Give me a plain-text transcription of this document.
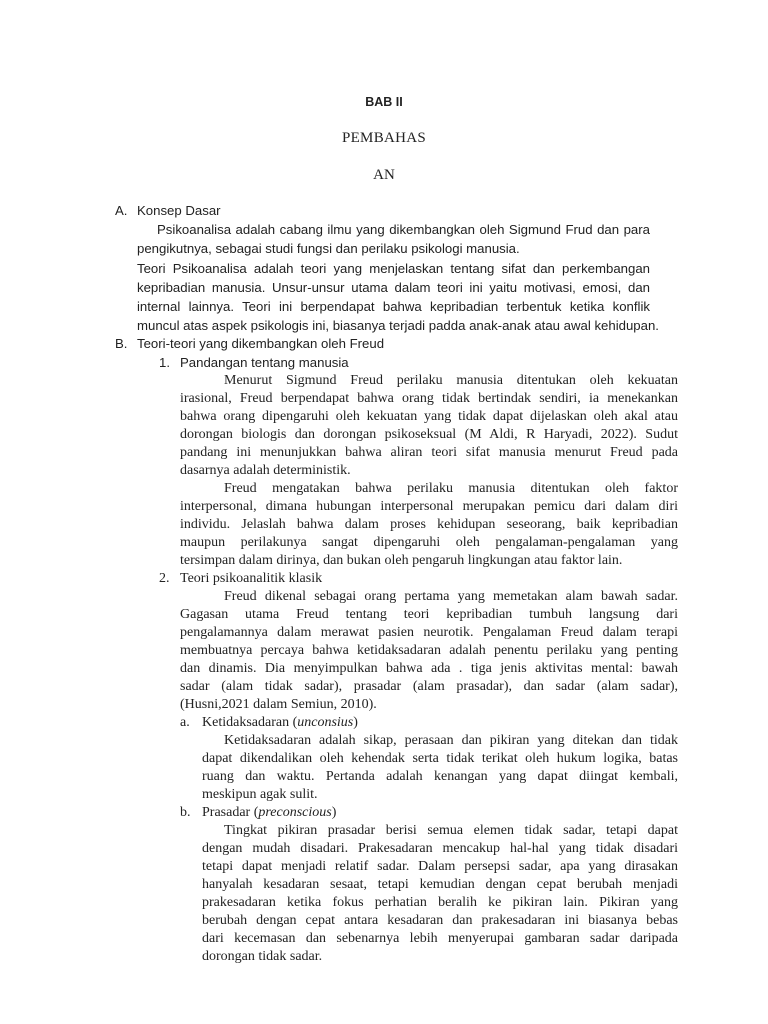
BAB II
PEMBAHAS
AN
A. Konsep Dasar
Psikoanalisa adalah cabang ilmu yang dikembangkan oleh Sigmund Frud dan para
pengikutnya, sebagai studi fungsi dan perilaku psikologi manusia.
Teori Psikoanalisa adalah teori yang menjelaskan tentang sifat dan perkembangan
kepribadian manusia. Unsur-unsur utama dalam teori ini yaitu motivasi, emosi, dan
internal lainnya. Teori ini berpendapat bahwa kepribadian terbentuk ketika konflik
muncul atas aspek psikologis ini, biasanya terjadi padda anak-anak atau awal kehidupan.
B. Teori-teori yang dikembangkan oleh Freud
1. Pandangan tentang manusia
Menurut Sigmund Freud perilaku manusia ditentukan oleh kekuatan
irasional, Freud berpendapat bahwa orang tidak bertindak sendiri, ia menekankan
bahwa orang dipengaruhi oleh kekuatan yang tidak dapat dijelaskan oleh akal atau
dorongan biologis dan dorongan psikoseksual (M Aldi, R Haryadi, 2022). Sudut
pandang ini menunjukkan bahwa aliran teori sifat manusia menurut Freud pada
dasarnya adalah deterministik.
Freud mengatakan bahwa perilaku manusia ditentukan oleh faktor
interpersonal, dimana hubungan interpersonal merupakan pemicu dari dalam diri
individu. Jelaslah bahwa dalam proses kehidupan seseorang, baik kepribadian
maupun perilakunya sangat dipengaruhi oleh pengalaman-pengalaman yang
tersimpan dalam dirinya, dan bukan oleh pengaruh lingkungan atau faktor lain.
2. Teori psikoanalitik klasik
Freud dikenal sebagai orang pertama yang memetakan alam bawah sadar.
Gagasan utama Freud tentang teori kepribadian tumbuh langsung dari
pengalamannya dalam merawat pasien neurotik. Pengalaman Freud dalam terapi
membuatnya percaya bahwa ketidaksadaran adalah penentu perilaku yang penting
dan dinamis. Dia menyimpulkan bahwa ada . tiga jenis aktivitas mental: bawah
sadar (alam tidak sadar), prasadar (alam prasadar), dan sadar (alam sadar),
(Husni,2021 dalam Semiun, 2010).
a. Ketidaksadaran (unconsius)
Ketidaksadaran adalah sikap, perasaan dan pikiran yang ditekan dan tidak
dapat dikendalikan oleh kehendak serta tidak terikat oleh hukum logika, batas
ruang dan waktu. Pertanda adalah kenangan yang dapat diingat kembali,
meskipun agak sulit.
b. Prasadar (preconscious)
Tingkat pikiran prasadar berisi semua elemen tidak sadar, tetapi dapat
dengan mudah disadari. Prakesadaran mencakup hal-hal yang tidak disadari
tetapi dapat menjadi relatif sadar. Dalam persepsi sadar, apa yang dirasakan
hanyalah kesadaran sesaat, tetapi kemudian dengan cepat berubah menjadi
prakesadaran ketika fokus perhatian beralih ke pikiran lain. Pikiran yang
berubah dengan cepat antara kesadaran dan prakesadaran ini biasanya bebas
dari kecemasan dan sebenarnya lebih menyerupai gambaran sadar daripada
dorongan tidak sadar.
